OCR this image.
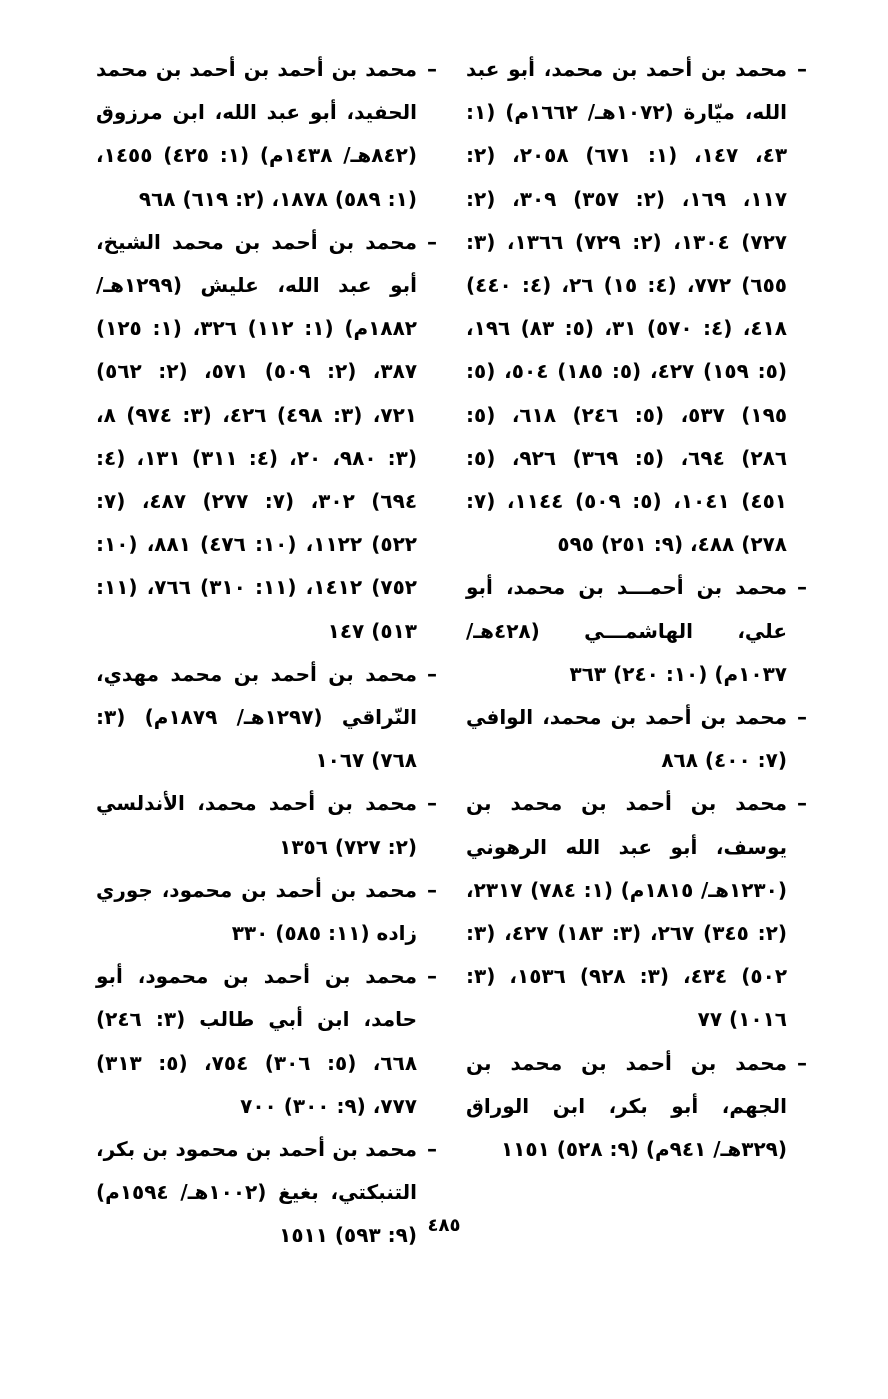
–
محمد بن أحمد بن محمد، أبو عبد الله، ميّارة (١٠٧٢هـ/ ١٦٦٢م) (١: ٤٣، ١٤٧، (١: ٦٧١) ٢٠٥٨، (٢: ١١٧، ١٦٩، (٢: ٣٥٧) ٣٠٩، (٢: ٧٢٧) ١٣٠٤، (٢: ٧٢٩) ١٣٦٦، (٣: ٦٥٥) ٧٧٢، (٤: ١٥) ٢٦، (٤: ٤٤٠) ٤١٨، (٤: ٥٧٠) ٣١، (٥: ٨٣) ١٩٦، (٥: ١٥٩) ٤٢٧، (٥: ١٨٥) ٥٠٤، (٥: ١٩٥) ٥٣٧، (٥: ٢٤٦) ٦١٨، (٥: ٢٨٦) ٦٩٤، (٥: ٣٦٩) ٩٢٦، (٥: ٤٥١) ١٠٤١، (٥: ٥٠٩) ١١٤٤، (٧: ٢٧٨) ٤٨٨، (٩: ٢٥١) ٥٩٥

–
محمد بن أحمـــد بن محمد، أبو علي، الهاشمـــي (٤٢٨هـ/ ١٠٣٧م) (١٠: ٢٤٠) ٣٦٣

–
محمد بن أحمد بن محمد، الوافي (٧: ٤٠٠) ٨٦٨

–
محمد بن أحمد بن محمد بن يوسف، أبو عبد الله الرهوني (١٢٣٠هـ/ ١٨١٥م) (١: ٧٨٤) ٢٣١٧، (٢: ٣٤٥) ٢٦٧، (٣: ١٨٣) ٤٢٧، (٣: ٥٠٢) ٤٣٤، (٣: ٩٢٨) ١٥٣٦، (٣: ١٠١٦) ٧٧

–
محمد بن أحمد بن محمد بن الجهم، أبو بكر، ابن الوراق (٣٢٩هـ/ ٩٤١م) (٩: ٥٢٨) ١١٥١

–
محمد بن أحمد بن أحمد بن محمد الحفيد، أبو عبد الله، ابن مرزوق (٨٤٢هـ/ ١٤٣٨م) (١: ٤٢٥) ١٤٥٥، (١: ٥٨٩) ١٨٧٨، (٢: ٦١٩) ٩٦٨

–
محمد بن أحمد بن محمد الشيخ، أبو عبد الله، عليش (١٢٩٩هـ/ ١٨٨٢م) (١: ١١٢) ٣٢٦، (١: ١٢٥) ٣٨٧، (٢: ٥٠٩) ٥٧١، (٢: ٥٦٢) ٧٢١، (٣: ٤٩٨) ٤٢٦، (٣: ٩٧٤) ٨، (٣: ٩٨٠، ٢٠، (٤: ٣١١) ١٣١، (٤: ٦٩٤) ٣٠٢، (٧: ٢٧٧) ٤٨٧، (٧: ٥٢٢) ١١٢٢، (١٠: ٤٧٦) ٨٨١، (١٠: ٧٥٢) ١٤١٢، (١١: ٣١٠) ٧٦٦، (١١: ٥١٣) ١٤٧

–
محمد بن أحمد بن محمد مهدي، النّراقي (١٢٩٧هـ/ ١٨٧٩م) (٣: ٧٦٨) ١٠٦٧

–
محمد بن أحمد محمد، الأندلسي (٢: ٧٢٧) ١٣٥٦

–
محمد بن أحمد بن محمود، جوري زاده (١١: ٥٨٥) ٣٣٠

–
محمد بن أحمد بن محمود، أبو حامد، ابن أبي طالب (٣: ٢٤٦) ٦٦٨، (٥: ٣٠٦) ٧٥٤، (٥: ٣١٣) ٧٧٧، (٩: ٣٠٠) ٧٠٠

–
محمد بن أحمد بن محمود بن بكر، التنبكتي، بغيغ (١٠٠٢هـ/ ١٥٩٤م) (٩: ٥٩٣) ١٥١١ ٤٨٥
